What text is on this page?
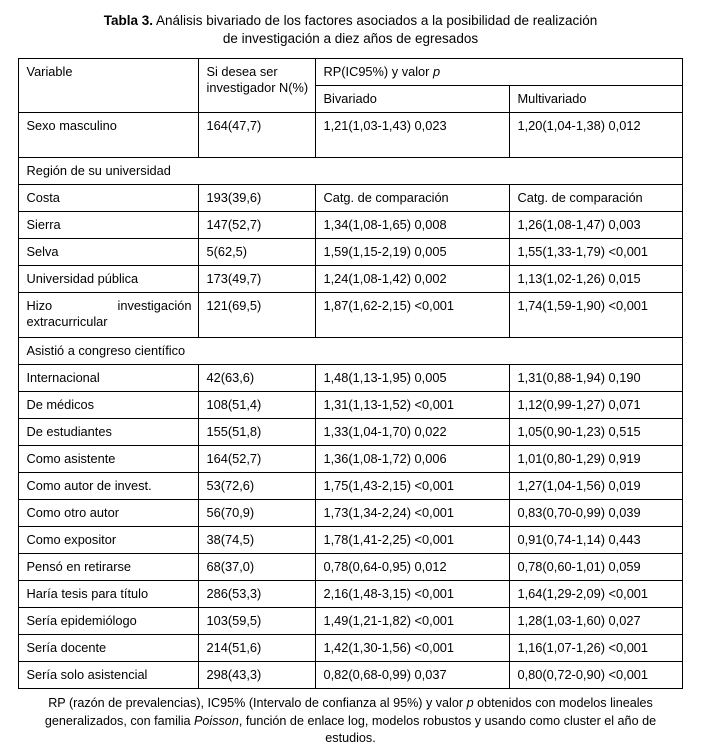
Tabla 3. Análisis bivariado de los factores asociados a la posibilidad de realización
de investigación a diez años de egresados
Variable	Si desea ser investigador N(%)	RP(IC95%) y valor p	
		Bivariado	Multivariado
Sexo masculino	164(47,7)	1,21(1,03-1,43) 0,023	1,20(1,04-1,38) 0,012
Región de su universidad			
Costa	193(39,6)	Catg. de comparación	Catg. de comparación
Sierra	147(52,7)	1,34(1,08-1,65) 0,008	1,26(1,08-1,47) 0,003
Selva	5(62,5)	1,59(1,15-2,19) 0,005	1,55(1,33-1,79) <0,001
Universidad pública	173(49,7)	1,24(1,08-1,42) 0,002	1,13(1,02-1,26) 0,015
Hizo investigación extracurricular	121(69,5)	1,87(1,62-2,15) <0,001	1,74(1,59-1,90) <0,001
Asistió a congreso científico			
Internacional	42(63,6)	1,48(1,13-1,95) 0,005	1,31(0,88-1,94) 0,190
De médicos	108(51,4)	1,31(1,13-1,52) <0,001	1,12(0,99-1,27) 0,071
De estudiantes	155(51,8)	1,33(1,04-1,70) 0,022	1,05(0,90-1,23) 0,515
Como asistente	164(52,7)	1,36(1,08-1,72) 0,006	1,01(0,80-1,29) 0,919
Como autor de invest.	53(72,6)	1,75(1,43-2,15) <0,001	1,27(1,04-1,56) 0,019
Como otro autor	56(70,9)	1,73(1,34-2,24) <0,001	0,83(0,70-0,99) 0,039
Como expositor	38(74,5)	1,78(1,41-2,25) <0,001	0,91(0,74-1,14) 0,443
Pensó en retirarse	68(37,0)	0,78(0,64-0,95) 0,012	0,78(0,60-1,01) 0,059
Haría tesis para título	286(53,3)	2,16(1,48-3,15) <0,001	1,64(1,29-2,09) <0,001
Sería epidemiólogo	103(59,5)	1,49(1,21-1,82) <0,001	1,28(1,03-1,60) 0,027
Sería docente	214(51,6)	1,42(1,30-1,56) <0,001	1,16(1,07-1,26) <0,001
Sería solo asistencial	298(43,3)	0,82(0,68-0,99) 0,037	0,80(0,72-0,90) <0,001
RP (razón de prevalencias), IC95% (Intervalo de confianza al 95%) y valor p obtenidos con modelos lineales generalizados, con familia Poisson, función de enlace log, modelos robustos y usando como cluster el año de estudios.
